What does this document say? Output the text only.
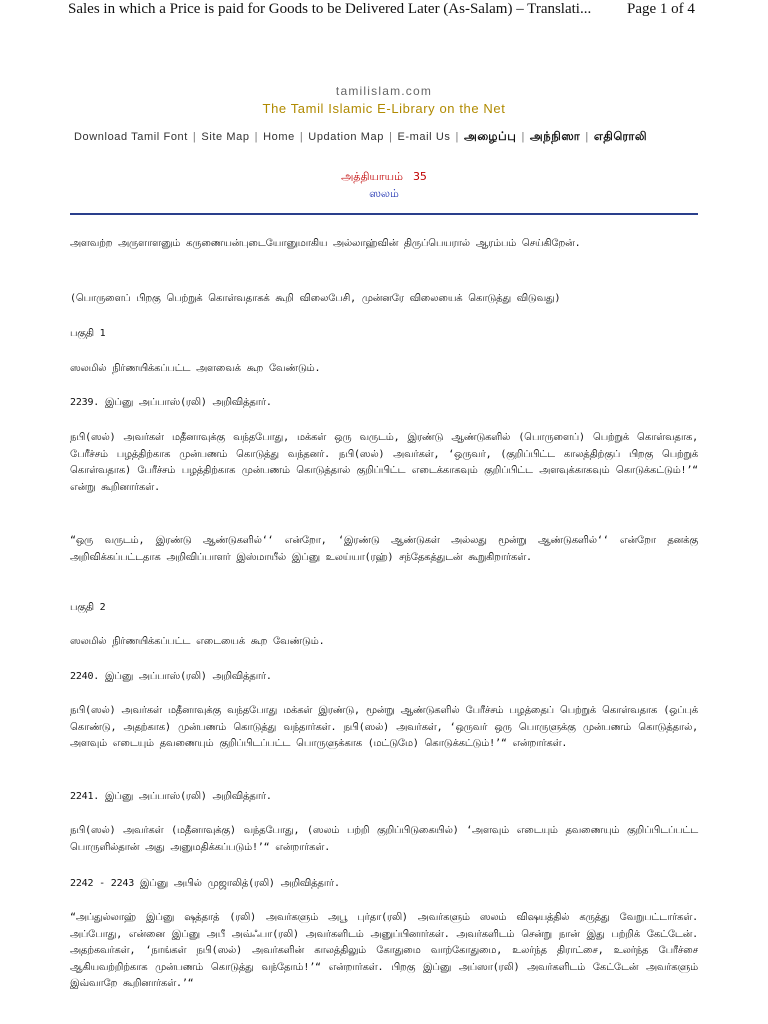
Sales in which a Price is paid for Goods to be Delivered Later (As-Salam) – Translati...	Page 1 of 4
tamilislam.com
The Tamil Islamic E-Library on the Net
Download Tamil Font | Site Map | Home | Updation Map | E-mail Us | அழைப்பு | அந்நிஸா | எதிரொலி
அத்தியாயம் 35
ஸலம்
அளவற்ற அருளாளனும் கருணையன்புடையோனுமாகிய அல்லாஹ்வின் திருப்பெயரால் ஆரம்பம் செய்கிறேன்.
(பொருளைப் பிறகு பெற்றுக் கொள்வதாகக் கூறி விலைபேசி, முன்னரே விலையைக் கொடுத்து விடுவது)
பகுதி 1
ஸலமில் நிர்ணயிக்கப்பட்ட அளவைக் கூற வேண்டும்.
2239. இப்னு அப்பாஸ்(ரலி) அறிவித்தார்.
நபி(ஸல்) அவர்கள் மதீனாவுக்கு வந்தபோது, மக்கள் ஒரு வருடம், இரண்டு ஆண்டுகளில் (பொருளைப்) பெற்றுக் கொள்வதாக, பேரீச்சம் பழத்திற்காக முன்பணம் கொடுத்து வந்தனர். நபி(ஸல்) அவர்கள், ‘ஒருவர், (குறிப்பிட்ட காலத்திற்குப் பிறகு பெற்றுக் கொள்வதாக) பேரீச்சம் பழத்திற்காக முன்பணம் கொடுத்தால் குறிப்பிட்ட எடைக்காகவும் குறிப்பிட்ட அளவுக்காகவும் கொடுக்கட்டும்!’“ என்று கூறினார்கள்.
“ஒரு வருடம், இரண்டு ஆண்டுகளில்‘‘ என்றோ, ‘இரண்டு ஆண்டுகள் அல்லது மூன்று ஆண்டுகளில்‘‘ என்றோ தனக்கு அறிவிக்கப்பட்டதாக அறிவிப்பாளர் இஸ்மாயீல் இப்னு உலய்யா(ரஹ்) சந்தேகத்துடன் கூறுகிறார்கள்.
பகுதி 2
ஸலமில் நிர்ணயிக்கப்பட்ட எடையைக் கூற வேண்டும்.
2240. இப்னு அப்பாஸ்(ரலி) அறிவித்தார்.
நபி(ஸல்) அவர்கள் மதீனாவுக்கு வந்தபோது மக்கள் இரண்டு, மூன்று ஆண்டுகளில் பேரீச்சம் பழத்தைப் பெற்றுக் கொள்வதாக (ஒப்புக் கொண்டு, அதற்காக) முன்பணம் கொடுத்து வந்தார்கள். நபி(ஸல்) அவர்கள், ‘ஒருவர் ஒரு பொருளுக்கு முன்பணம் கொடுத்தால், அளவும் எடையும் தவணையும் குறிப்பிடப்பட்ட பொருளுக்காக (மட்டுமே) கொடுக்கட்டும்!’“ என்றார்கள்.
2241. இப்னு அப்பாஸ்(ரலி) அறிவித்தார்.
நபி(ஸல்) அவர்கள் (மதீனாவுக்கு) வந்தபோது, (ஸலம் பற்றி குறிப்பிடுகையில்) ‘அளவும் எடையும் தவணையும் குறிப்பிடப்பட்ட பொருளில்தான் அது அனுமதிக்கப்படும்!’“ என்றார்கள்.
2242 - 2243 இப்னு அபில் முஜாலித்(ரலி) அறிவித்தார்.
“அப்துல்லாஹ் இப்னு ஷத்தாத் (ரலி) அவர்களும் அபூ புர்தா(ரலி) அவர்களும் ஸலம் விஷயத்தில் கருத்து வேறுபட்டார்கள். அப்போது, என்னை இப்னு அபீ அவ்ஃபா(ரலி) அவர்களிடம் அனுப்பினார்கள். அவர்களிடம் சென்று நான் இது பற்றிக் கேட்டேன். அதற்கவர்கள், ‘நாங்கள் நபி(ஸல்) அவர்களின் காலத்திலும் கோதுமை வாற்கோதுமை, உலர்ந்த திராட்சை, உலர்ந்த பேரீச்சை ஆகியவற்றிற்காக முன்பணம் கொடுத்து வந்தோம்!’“ என்றார்கள். பிறகு இப்னு அப்ஸா(ரலி) அவர்களிடம் கேட்டேன் அவர்களும் இவ்வாறே கூறினார்கள்.’“
